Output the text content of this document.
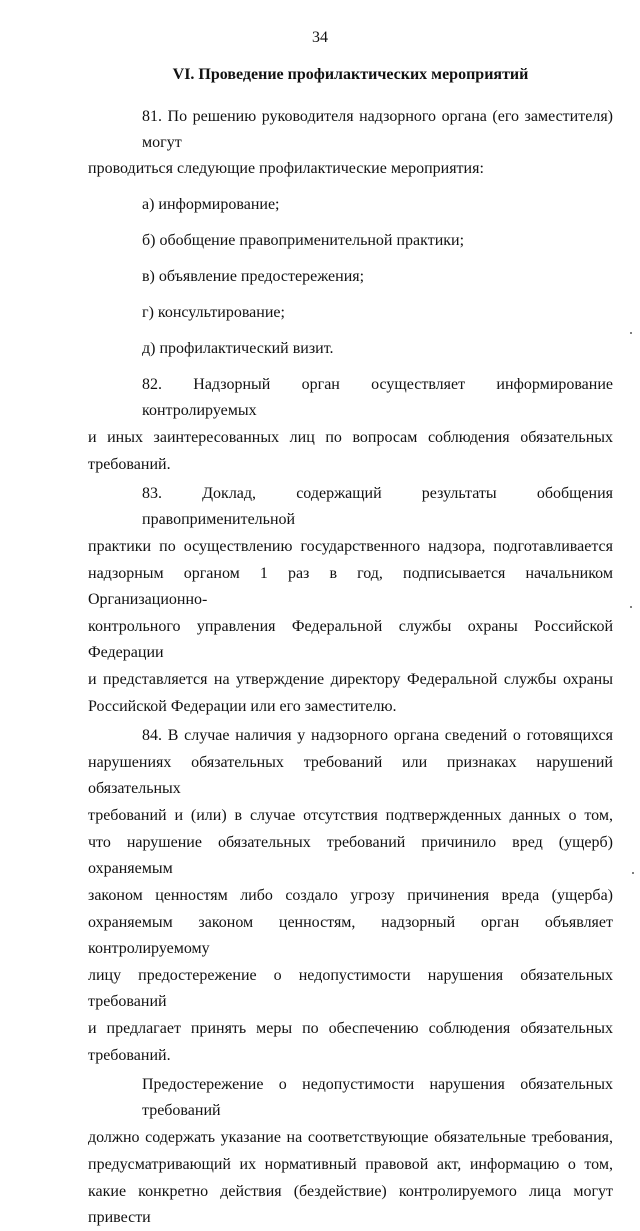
34
VI. Проведение профилактических мероприятий

81. По решению руководителя надзорного органа (его заместителя) могут
проводиться следующие профилактические мероприятия:

а) информирование;

б) обобщение правоприменительной практики;

в) объявление предостережения;

г) консультирование;

д) профилактический визит.

82. Надзорный орган осуществляет информирование контролируемых
и иных заинтересованных лиц по вопросам соблюдения обязательных
требований.

83. Доклад, содержащий результаты обобщения правоприменительной
практики по осуществлению государственного надзора, подготавливается
надзорным органом 1 раз в год, подписывается начальником Организационно-
контрольного управления Федеральной службы охраны Российской Федерации
и представляется на утверждение директору Федеральной службы охраны
Российской Федерации или его заместителю.

84. В случае наличия у надзорного органа сведений о готовящихся
нарушениях обязательных требований или признаках нарушений обязательных
требований и (или) в случае отсутствия подтвержденных данных о том,
что нарушение обязательных требований причинило вред (ущерб) охраняемым
законом ценностям либо создало угрозу причинения вреда (ущерба)
охраняемым законом ценностям, надзорный орган объявляет контролируемому
лицу предостережение о недопустимости нарушения обязательных требований
и предлагает принять меры по обеспечению соблюдения обязательных
требований.

Предостережение о недопустимости нарушения обязательных требований
должно содержать указание на соответствующие обязательные требования,
предусматривающий их нормативный правовой акт, информацию о том,
какие конкретно действия (бездействие) контролируемого лица могут привести
